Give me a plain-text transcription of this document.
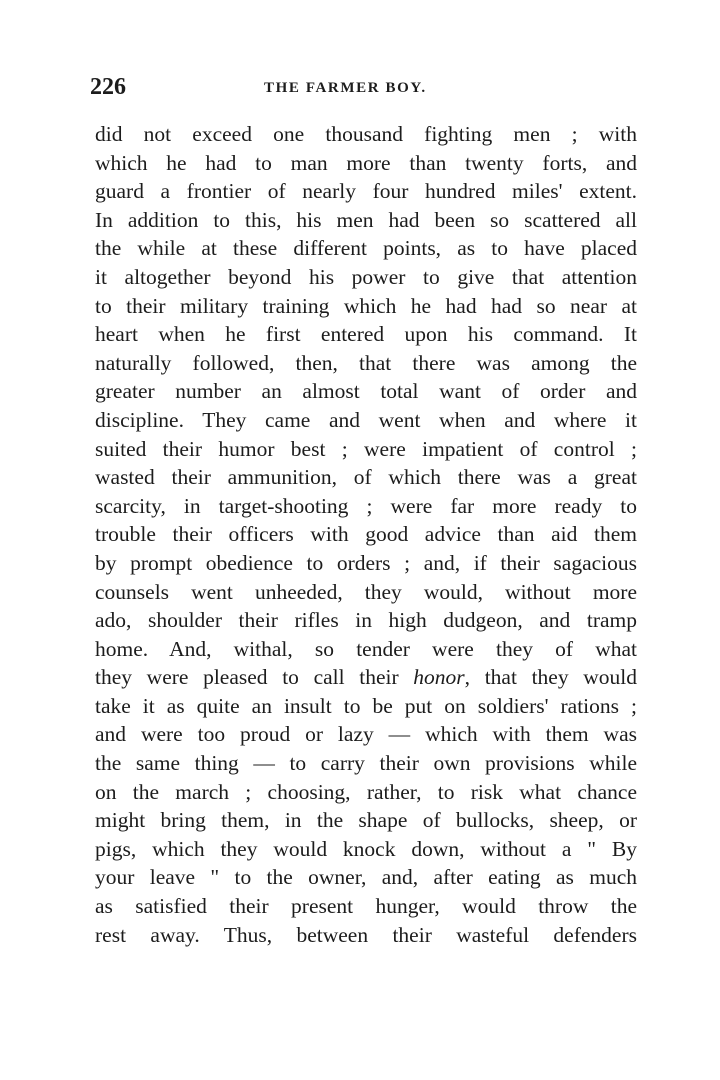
226	THE FARMER BOY.
did not exceed one thousand fighting men ; with
which he had to man more than twenty forts, and
guard a frontier of nearly four hundred miles' extent.
In addition to this, his men had been so scattered all
the while at these different points, as to have placed
it altogether beyond his power to give that attention
to their military training which he had had so near at
heart when he first entered upon his command. It
naturally followed, then, that there was among the
greater number an almost total want of order and
discipline. They came and went when and where it
suited their humor best ; were impatient of control ;
wasted their ammunition, of which there was a great
scarcity, in target-shooting ; were far more ready to
trouble their officers with good advice than aid them
by prompt obedience to orders ; and, if their sagacious
counsels went unheeded, they would, without more
ado, shoulder their rifles in high dudgeon, and tramp
home. And, withal, so tender were they of what
they were pleased to call their honor, that they would
take it as quite an insult to be put on soldiers' rations ;
and were too proud or lazy — which with them was
the same thing — to carry their own provisions while
on the march ; choosing, rather, to risk what chance
might bring them, in the shape of bullocks, sheep, or
pigs, which they would knock down, without a " By
your leave " to the owner, and, after eating as much
as satisfied their present hunger, would throw the
rest away. Thus, between their wasteful defenders
